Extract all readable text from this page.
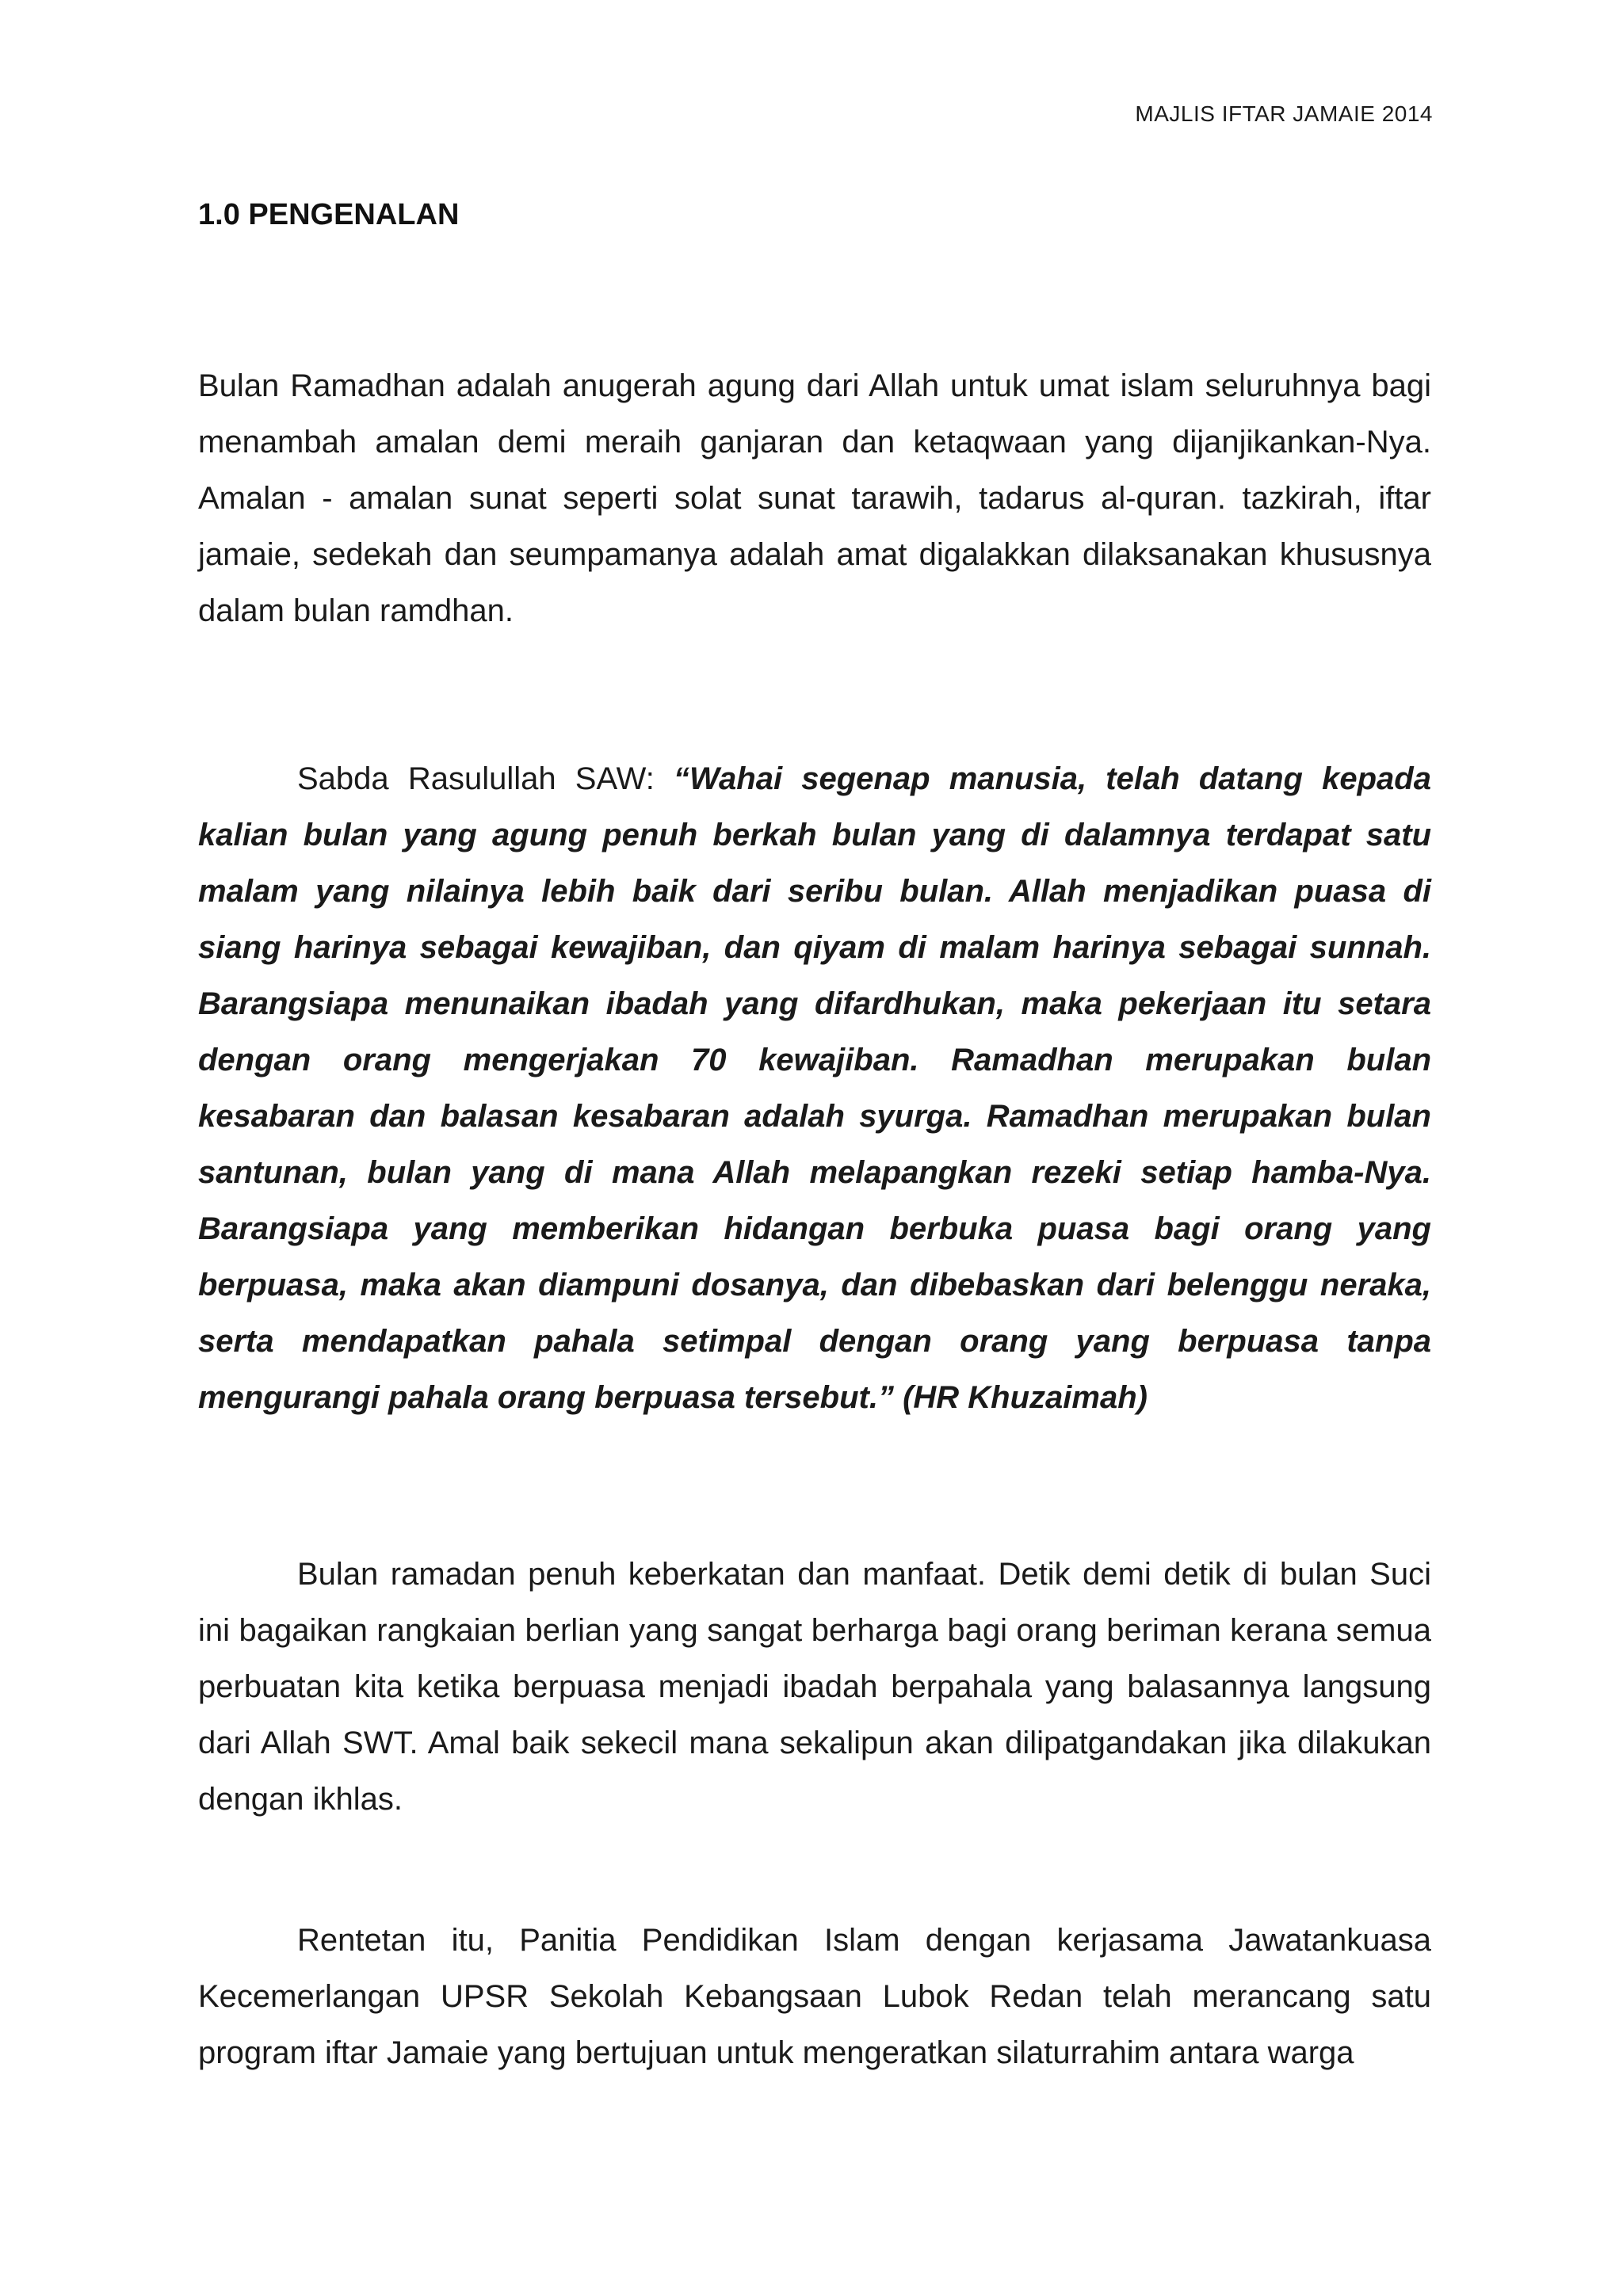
MAJLIS IFTAR JAMAIE 2014
1.0 PENGENALAN

Bulan Ramadhan adalah anugerah agung dari Allah untuk umat islam seluruhnya bagi menambah amalan demi meraih ganjaran dan ketaqwaan yang dijanjikankan-Nya. Amalan - amalan sunat seperti solat sunat tarawih, tadarus al-quran. tazkirah, iftar jamaie, sedekah dan seumpamanya adalah amat digalakkan dilaksanakan khususnya dalam bulan ramdhan.

Sabda Rasulullah SAW: “Wahai segenap manusia, telah datang kepada kalian bulan yang agung penuh berkah bulan yang di dalamnya terdapat satu malam yang nilainya lebih baik dari seribu bulan. Allah menjadikan puasa di siang harinya sebagai kewajiban, dan qiyam di malam harinya sebagai sunnah. Barangsiapa menunaikan ibadah yang difardhukan, maka pekerjaan itu setara dengan orang mengerjakan 70 kewajiban. Ramadhan merupakan bulan kesabaran dan balasan kesabaran adalah syurga. Ramadhan merupakan bulan santunan, bulan yang di mana Allah melapangkan rezeki setiap hamba-Nya. Barangsiapa yang memberikan hidangan berbuka puasa bagi orang yang berpuasa, maka akan diampuni dosanya, dan dibebaskan dari belenggu neraka, serta mendapatkan pahala setimpal dengan orang yang berpuasa tanpa mengurangi pahala orang berpuasa tersebut.” (HR Khuzaimah)

Bulan ramadan penuh keberkatan dan manfaat. Detik demi detik di bulan Suci ini bagaikan rangkaian berlian yang sangat berharga bagi orang beriman kerana semua perbuatan kita ketika berpuasa menjadi ibadah berpahala yang balasannya langsung dari Allah SWT. Amal baik sekecil mana sekalipun akan dilipatgandakan jika dilakukan dengan ikhlas.

Rentetan itu, Panitia Pendidikan Islam dengan kerjasama Jawatankuasa Kecemerlangan UPSR Sekolah Kebangsaan Lubok Redan telah merancang satu program iftar Jamaie yang bertujuan untuk mengeratkan silaturrahim antara warga
